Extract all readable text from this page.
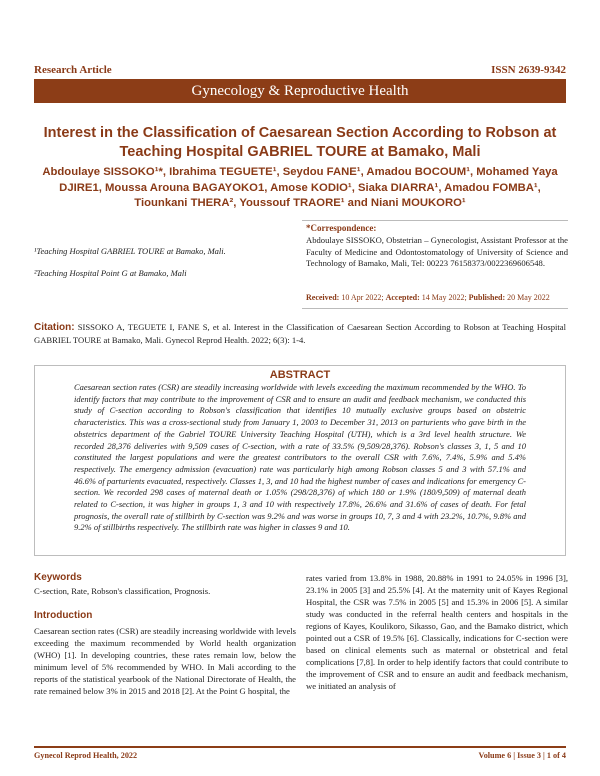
Research Article	ISSN 2639-9342
Gynecology & Reproductive Health
Interest in the Classification of Caesarean Section According to Robson at Teaching Hospital GABRIEL TOURE at Bamako, Mali
Abdoulaye SISSOKO¹*, Ibrahima TEGUETE¹, Seydou FANE¹, Amadou BOCOUM¹, Mohamed Yaya DJIRE1, Moussa Arouna BAGAYOKO1, Amose KODIO¹, Siaka DIARRA¹, Amadou FOMBA¹, Tiounkani THERA², Youssouf TRAORE¹ and Niani MOUKORO¹
¹Teaching Hospital GABRIEL TOURE at Bamako, Mali.
²Teaching Hospital Point G at Bamako, Mali
*Correspondence:
Abdoulaye SISSOKO, Obstetrian – Gynecologist, Assistant Professor at the Faculty of Medicine and Odontostomatology of University of Science and Technology of Bamako, Mali, Tel: 00223 76158373/0022369606548.
Received: 10 Apr 2022; Accepted: 14 May 2022; Published: 20 May 2022
Citation: SISSOKO A, TEGUETE I, FANE S, et al. Interest in the Classification of Caesarean Section According to Robson at Teaching Hospital GABRIEL TOURE at Bamako, Mali. Gynecol Reprod Health. 2022; 6(3): 1-4.
ABSTRACT
Caesarean section rates (CSR) are steadily increasing worldwide with levels exceeding the maximum recommended by the WHO. To identify factors that may contribute to the improvement of CSR and to ensure an audit and feedback mechanism, we conducted this study of C-section according to Robson's classification that identifies 10 mutually exclusive groups based on obstetric characteristics. This was a cross-sectional study from January 1, 2003 to December 31, 2013 on parturients who gave birth in the obstetrics department of the Gabriel TOURE University Teaching Hospital (UTH), which is a 3rd level health structure. We recorded 28,376 deliveries with 9,509 cases of C-section, with a rate of 33.5% (9,509/28,376). Robson's classes 3, 1, 5 and 10 constituted the largest populations and were the greatest contributors to the overall CSR with 7.6%, 7.4%, 5.9% and 5.4% respectively. The emergency admission (evacuation) rate was particularly high among Robson classes 5 and 3 with 57.1% and 46.6% of parturients evacuated, respectively. Classes 1, 3, and 10 had the highest number of cases and indications for emergency C-section. We recorded 298 cases of maternal death or 1.05% (298/28,376) of which 180 or 1.9% (180/9,509) of maternal death related to C-section, it was higher in groups 1, 3 and 10 with respectively 17.8%, 26.6% and 31.6% of cases of death. For fetal prognosis, the overall rate of stillbirth by C-section was 9.2% and was worse in groups 10, 7, 3 and 4 with 23.2%, 10.7%, 9.8% and 9.2% of stillbirths respectively. The stillbirth rate was higher in classes 9 and 10.
Keywords
C-section, Rate, Robson's classification, Prognosis.
Introduction
Caesarean section rates (CSR) are steadily increasing worldwide with levels exceeding the maximum recommended by World health organization (WHO) [1]. In developing countries, these rates remain low, below the minimum level of 5% recommended by WHO. In Mali according to the reports of the statistical yearbook of the National Directorate of Health, the rate remained below 3% in 2015 and 2018 [2]. At the Point G hospital, the
rates varied from 13.8% in 1988, 20.88% in 1991 to 24.05% in 1996 [3], 23.1% in 2005 [3] and 25.5% [4]. At the maternity unit of Kayes Regional Hospital, the CSR was 7.5% in 2005 [5] and 15.3% in 2006 [5]. A similar study was conducted in the referral health centers and hospitals in the regions of Kayes, Koulikoro, Sikasso, Gao, and the Bamako district, which pointed out a CSR of 19.5% [6]. Classically, indications for C-section were based on clinical elements such as maternal or obstetrical and fetal complications [7,8]. In order to help identify factors that could contribute to the improvement of CSR and to ensure an audit and feedback mechanism, we initiated an analysis of
Gynecol Reprod Health, 2022	Volume 6 | Issue 3 | 1 of 4
